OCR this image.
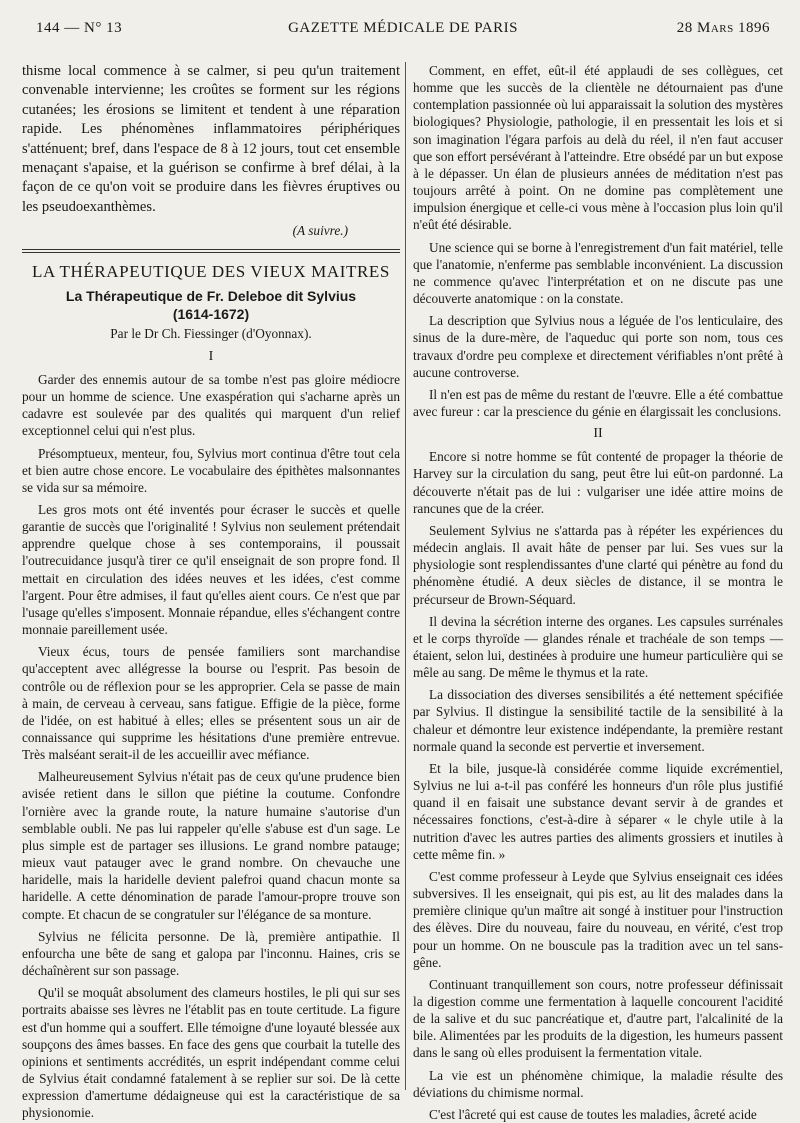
144 — N° 13	GAZETTE MÉDICALE DE PARIS	28 Mars 1896

thisme local commence à se calmer, si peu qu'un traitement convenable intervienne; les croûtes se forment sur les régions cutanées; les érosions se limitent et tendent à une réparation rapide. Les phénomènes inflammatoires périphériques s'atténuent; bref, dans l'espace de 8 à 12 jours, tout cet ensemble menaçant s'apaise, et la guérison se confirme à bref délai, à la façon de ce qu'on voit se produire dans les fièvres éruptives ou les pseudoexanthèmes.

(A suivre.)
LA THÉRAPEUTIQUE DES VIEUX MAITRES
La Thérapeutique de Fr. Deleboe dit Sylvius
(1614-1672)
Par le Dr Ch. Fiessinger (d'Oyonnax).
I

Garder des ennemis autour de sa tombe n'est pas gloire médiocre pour un homme de science. Une exaspération qui s'acharne après un cadavre est soulevée par des qualités qui marquent d'un relief exceptionnel celui qui n'est plus.

Présomptueux, menteur, fou, Sylvius mort continua d'être tout cela et bien autre chose encore. Le vocabulaire des épithètes malsonnantes se vida sur sa mémoire.

Les gros mots ont été inventés pour écraser le succès et quelle garantie de succès que l'originalité ! Sylvius non seulement prétendait apprendre quelque chose à ses contemporains, il poussait l'outrecuidance jusqu'à tirer ce qu'il enseignait de son propre fond. Il mettait en circulation des idées neuves et les idées, c'est comme l'argent. Pour être admises, il faut qu'elles aient cours. Ce n'est que par l'usage qu'elles s'imposent. Monnaie répandue, elles s'échangent contre monnaie pareillement usée.

Vieux écus, tours de pensée familiers sont marchandise qu'acceptent avec allégresse la bourse ou l'esprit. Pas besoin de contrôle ou de réflexion pour se les approprier. Cela se passe de main à main, de cerveau à cerveau, sans fatigue. Effigie de la pièce, forme de l'idée, on est habitué à elles; elles se présentent sous un air de connaissance qui supprime les hésitations d'une première entrevue. Très malséant serait-il de les accueillir avec méfiance.

Malheureusement Sylvius n'était pas de ceux qu'une prudence bien avisée retient dans le sillon que piétine la coutume. Confondre l'ornière avec la grande route, la nature humaine s'autorise d'un semblable oubli. Ne pas lui rappeler qu'elle s'abuse est d'un sage. Le plus simple est de partager ses illusions. Le grand nombre patauge; mieux vaut patauger avec le grand nombre. On chevauche une haridelle, mais la haridelle devient palefroi quand chacun monte sa haridelle. A cette dénomination de parade l'amour-propre trouve son compte. Et chacun de se congratuler sur l'élégance de sa monture.

Sylvius ne félicita personne. De là, première antipathie. Il enfourcha une bête de sang et galopa par l'inconnu. Haines, cris se déchaînèrent sur son passage.

Qu'il se moquât absolument des clameurs hostiles, le pli qui sur ses portraits abaisse ses lèvres ne l'établit pas en toute certitude. La figure est d'un homme qui a souffert. Elle témoigne d'une loyauté blessée aux soupçons des âmes basses. En face des gens que courbait la tutelle des opinions et sentiments accrédités, un esprit indépendant comme celui de Sylvius était condamné fatalement à se replier sur soi. De là cette expression d'amertume dédaigneuse qui est la caractéristique de sa physionomie.

Comment, en effet, eût-il été applaudi de ses collègues, cet homme que les succès de la clientèle ne détournaient pas d'une contemplation passionnée où lui apparaissait la solution des mystères biologiques? Physiologie, pathologie, il en pressentait les lois et si son imagination l'égara parfois au delà du réel, il n'en faut accuser que son effort persévérant à l'atteindre. Etre obsédé par un but expose à le dépasser. Un élan de plusieurs années de méditation n'est pas toujours arrêté à point. On ne domine pas complètement une impulsion énergique et celle-ci vous mène à l'occasion plus loin qu'il n'eût été désirable.

Une science qui se borne à l'enregistrement d'un fait matériel, telle que l'anatomie, n'enferme pas semblable inconvénient. La discussion ne commence qu'avec l'interprétation et on ne discute pas une découverte anatomique : on la constate.

La description que Sylvius nous a léguée de l'os lenticulaire, des sinus de la dure-mère, de l'aqueduc qui porte son nom, tous ces travaux d'ordre peu complexe et directement vérifiables n'ont prêté à aucune controverse.

Il n'en est pas de même du restant de l'œuvre. Elle a été combattue avec fureur : car la prescience du génie en élargissait les conclusions.

II

Encore si notre homme se fût contenté de propager la théorie de Harvey sur la circulation du sang, peut être lui eût-on pardonné. La découverte n'était pas de lui : vulgariser une idée attire moins de rancunes que de la créer.

Seulement Sylvius ne s'attarda pas à répéter les expériences du médecin anglais. Il avait hâte de penser par lui. Ses vues sur la physiologie sont resplendissantes d'une clarté qui pénètre au fond du phénomène étudié. A deux siècles de distance, il se montra le précurseur de Brown-Séquard.

Il devina la sécrétion interne des organes. Les capsules surrénales et le corps thyroïde — glandes rénale et trachéale de son temps — étaient, selon lui, destinées à produire une humeur particulière qui se mêle au sang. De même le thymus et la rate.

La dissociation des diverses sensibilités a été nettement spécifiée par Sylvius. Il distingue la sensibilité tactile de la sensibilité à la chaleur et démontre leur existence indépendante, la première restant normale quand la seconde est pervertie et inversement.

Et la bile, jusque-là considérée comme liquide excrémentiel, Sylvius ne lui a-t-il pas conféré les honneurs d'un rôle plus justifié quand il en faisait une substance devant servir à de grandes et nécessaires fonctions, c'est-à-dire à séparer « le chyle utile à la nutrition d'avec les autres parties des aliments grossiers et inutiles à cette même fin. »

C'est comme professeur à Leyde que Sylvius enseignait ces idées subversives. Il les enseignait, qui pis est, au lit des malades dans la première clinique qu'un maître ait songé à instituer pour l'instruction des élèves. Dire du nouveau, faire du nouveau, en vérité, c'est trop pour un homme. On ne bouscule pas la tradition avec un tel sans-gêne.

Continuant tranquillement son cours, notre professeur définissait la digestion comme une fermentation à laquelle concourent l'acidité de la salive et du suc pancréatique et, d'autre part, l'alcalinité de la bile. Alimentées par les produits de la digestion, les humeurs passent dans le sang où elles produisent la fermentation vitale.

La vie est un phénomène chimique, la maladie résulte des déviations du chimisme normal.

C'est l'âcreté qui est cause de toutes les maladies, âcreté acide
